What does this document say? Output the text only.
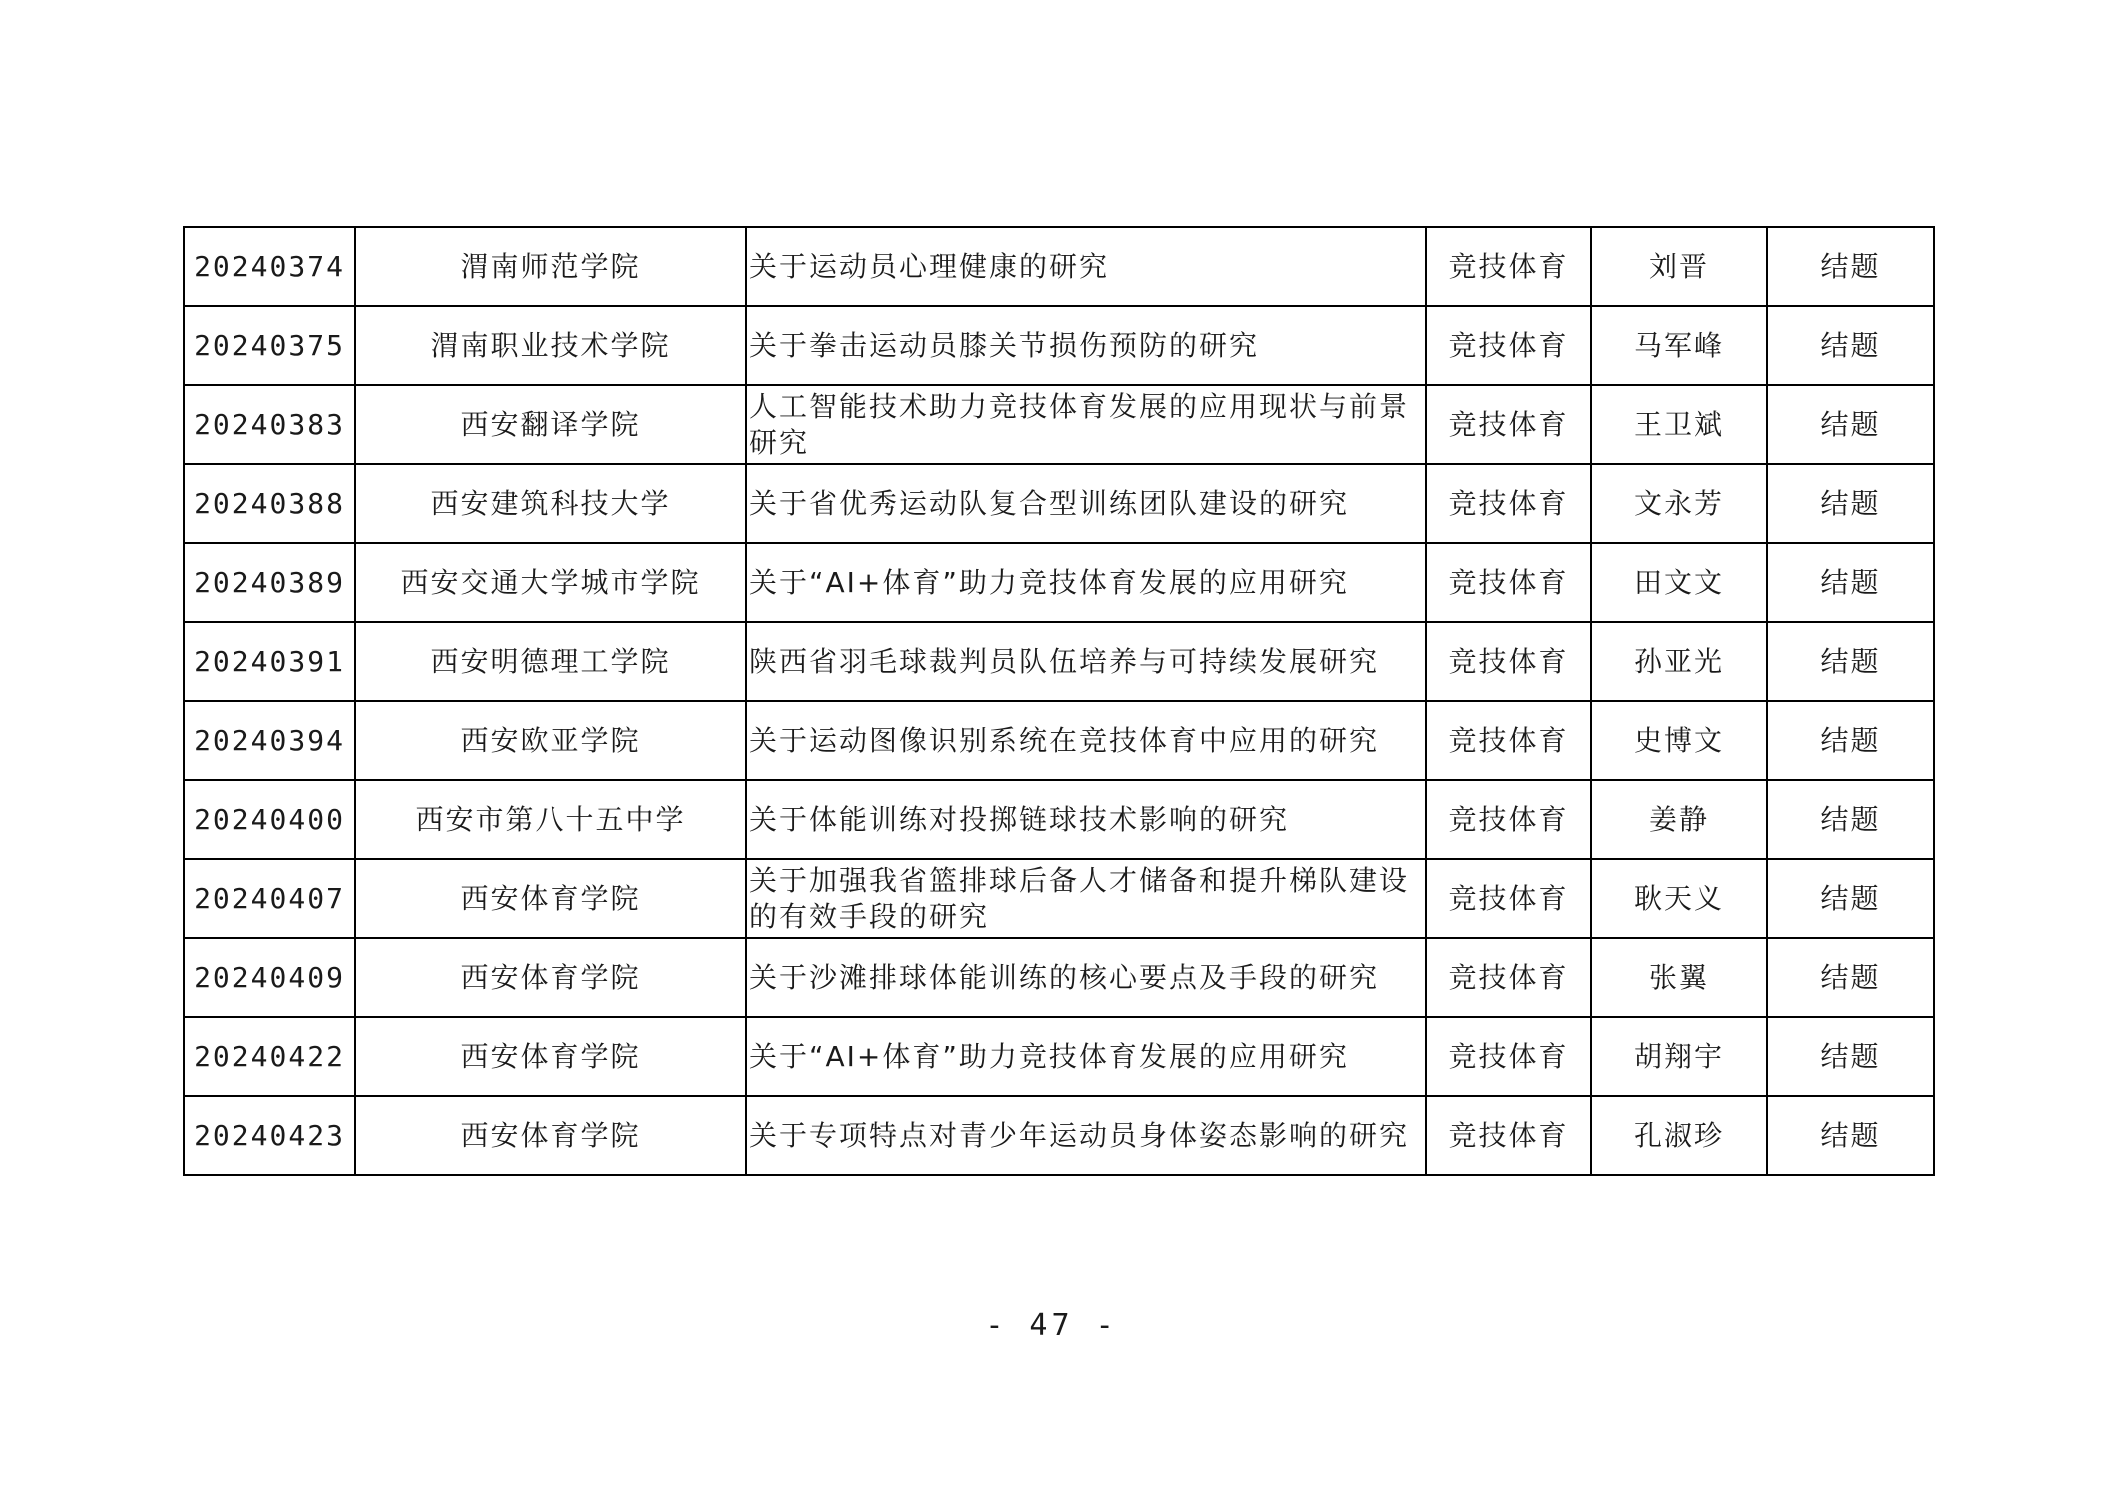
20240374	渭南师范学院	关于运动员心理健康的研究	竞技体育	刘晋	结题
20240375	渭南职业技术学院	关于拳击运动员膝关节损伤预防的研究	竞技体育	马军峰	结题
20240383	西安翻译学院	人工智能技术助力竞技体育发展的应用现状与前景研究	竞技体育	王卫斌	结题
20240388	西安建筑科技大学	关于省优秀运动队复合型训练团队建设的研究	竞技体育	文永芳	结题
20240389	西安交通大学城市学院	关于“AI+体育”助力竞技体育发展的应用研究	竞技体育	田文文	结题
20240391	西安明德理工学院	陕西省羽毛球裁判员队伍培养与可持续发展研究	竞技体育	孙亚光	结题
20240394	西安欧亚学院	关于运动图像识别系统在竞技体育中应用的研究	竞技体育	史博文	结题
20240400	西安市第八十五中学	关于体能训练对投掷链球技术影响的研究	竞技体育	姜静	结题
20240407	西安体育学院	关于加强我省篮排球后备人才储备和提升梯队建设的有效手段的研究	竞技体育	耿天义	结题
20240409	西安体育学院	关于沙滩排球体能训练的核心要点及手段的研究	竞技体育	张翼	结题
20240422	西安体育学院	关于“AI+体育”助力竞技体育发展的应用研究	竞技体育	胡翔宇	结题
20240423	西安体育学院	关于专项特点对青少年运动员身体姿态影响的研究	竞技体育	孔淑珍	结题
- 47 -
